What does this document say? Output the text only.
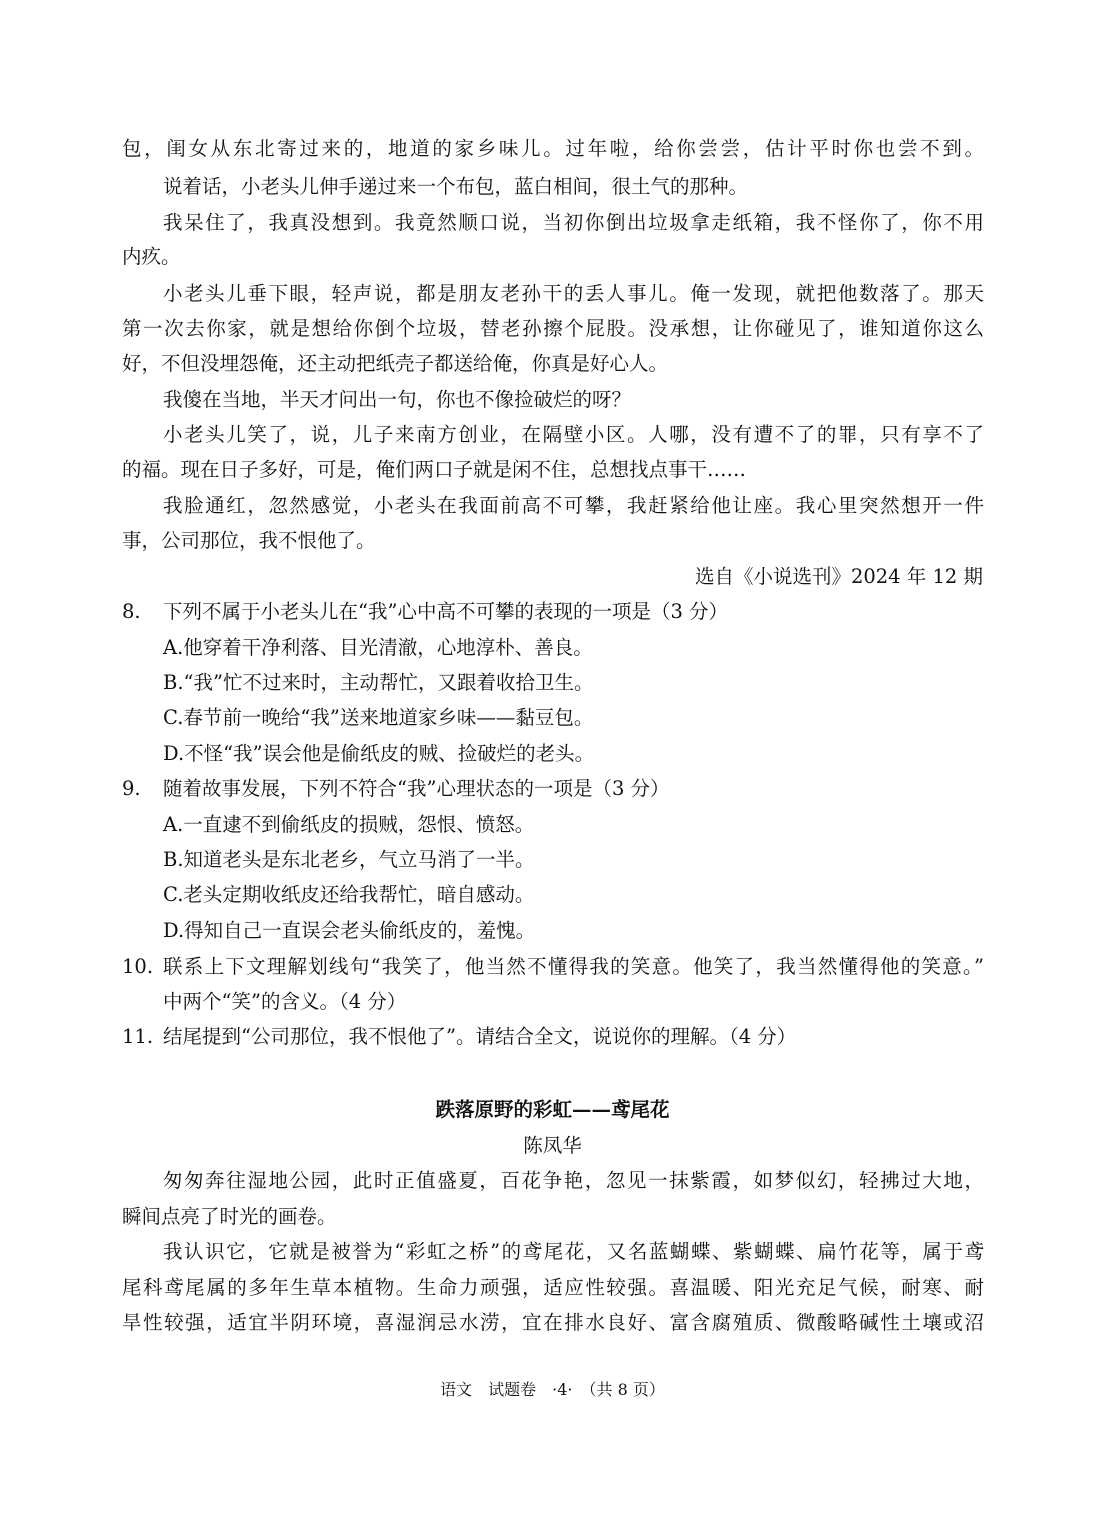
包，闺女从东北寄过来的，地道的家乡味儿。过年啦，给你尝尝，估计平时你也尝不到。
说着话，小老头儿伸手递过来一个布包，蓝白相间，很土气的那种。
我呆住了，我真没想到。我竟然顺口说，当初你倒出垃圾拿走纸箱，我不怪你了，你不用
内疚。
小老头儿垂下眼，轻声说，都是朋友老孙干的丢人事儿。俺一发现，就把他数落了。那天
第一次去你家，就是想给你倒个垃圾，替老孙擦个屁股。没承想，让你碰见了，谁知道你这么
好，不但没埋怨俺，还主动把纸壳子都送给俺，你真是好心人。
我傻在当地，半天才问出一句，你也不像捡破烂的呀？
小老头儿笑了，说，儿子来南方创业，在隔壁小区。人哪，没有遭不了的罪，只有享不了
的福。现在日子多好，可是，俺们两口子就是闲不住，总想找点事干……
我脸通红，忽然感觉，小老头在我面前高不可攀，我赶紧给他让座。我心里突然想开一件
事，公司那位，我不恨他了。
选自《小说选刊》2024 年 12 期
8. 下列不属于小老头儿在“我”心中高不可攀的表现的一项是（3 分）
A.他穿着干净利落、目光清澈，心地淳朴、善良。
B.“我”忙不过来时，主动帮忙，又跟着收拾卫生。
C.春节前一晚给“我”送来地道家乡味——黏豆包。
D.不怪“我”误会他是偷纸皮的贼、捡破烂的老头。
9. 随着故事发展，下列不符合“我”心理状态的一项是（3 分）
A.一直逮不到偷纸皮的损贼，怨恨、愤怒。
B.知道老头是东北老乡，气立马消了一半。
C.老头定期收纸皮还给我帮忙，暗自感动。
D.得知自己一直误会老头偷纸皮的，羞愧。
10. 联系上下文理解划线句“我笑了，他当然不懂得我的笑意。他笑了，我当然懂得他的笑意。”
中两个“笑”的含义。（4 分）
11. 结尾提到“公司那位，我不恨他了”。请结合全文，说说你的理解。（4 分）
跌落原野的彩虹——鸢尾花
陈凤华
匆匆奔往湿地公园，此时正值盛夏，百花争艳，忽见一抹紫霞，如梦似幻，轻拂过大地，
瞬间点亮了时光的画卷。
我认识它，它就是被誉为“彩虹之桥”的鸢尾花，又名蓝蝴蝶、紫蝴蝶、扁竹花等，属于鸢
尾科鸢尾属的多年生草本植物。生命力顽强，适应性较强。喜温暖、阳光充足气候，耐寒、耐
旱性较强，适宜半阴环境，喜湿润忌水涝，宜在排水良好、富含腐殖质、微酸略碱性土壤或沼
语文　试题卷　·4·　（共 8 页）
